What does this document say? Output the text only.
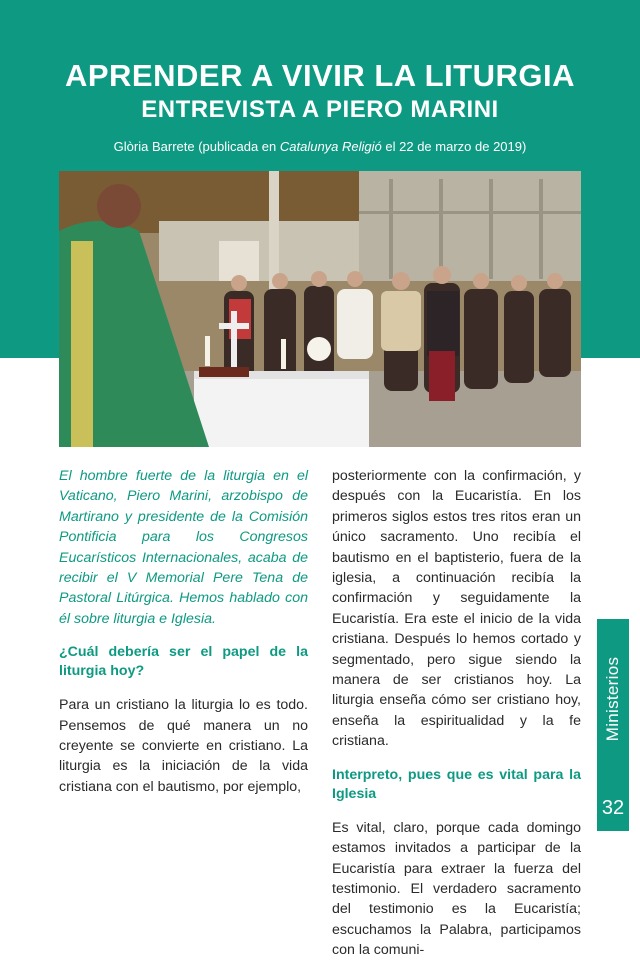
APRENDER A VIVIR LA LITURGIA
ENTREVISTA A PIERO MARINI
Glòria Barrete (publicada en Catalunya Religió el 22 de marzo de 2019)

El hombre fuerte de la liturgia en el Vaticano, Piero Marini, arzobispo de Martirano y presidente de la Comisión Pontificia para los Congresos Eucarísticos Internacionales, acaba de recibir el V Memorial Pere Tena de Pastoral Litúrgica. Hemos hablado con él sobre liturgia e Iglesia.

¿Cuál debería ser el papel de la liturgia hoy?

Para un cristiano la liturgia lo es todo. Pensemos de qué manera un no creyente se convierte en cristiano. La liturgia es la iniciación de la vida cristiana con el bautismo, por ejemplo,

posteriormente con la confirmación, y después con la Eucaristía. En los primeros siglos estos tres ritos eran un único sacramento. Uno recibía el bautismo en el baptisterio, fuera de la iglesia, a continuación recibía la confirmación y seguidamente la Eucaristía. Era este el inicio de la vida cristiana. Después lo hemos cortado y segmentado, pero sigue siendo la manera de ser cristianos hoy. La liturgia enseña cómo ser cristiano hoy, enseña la espiritualidad y la fe cristiana.

Interpreto, pues que es vital para la Iglesia

Es vital, claro, porque cada domingo estamos invitados a participar de la Eucaristía para extraer la fuerza del testimonio. El verdadero sacramento del testimonio es la Eucaristía; escuchamos la Palabra, participamos con la comuni-

Ministerios
32
